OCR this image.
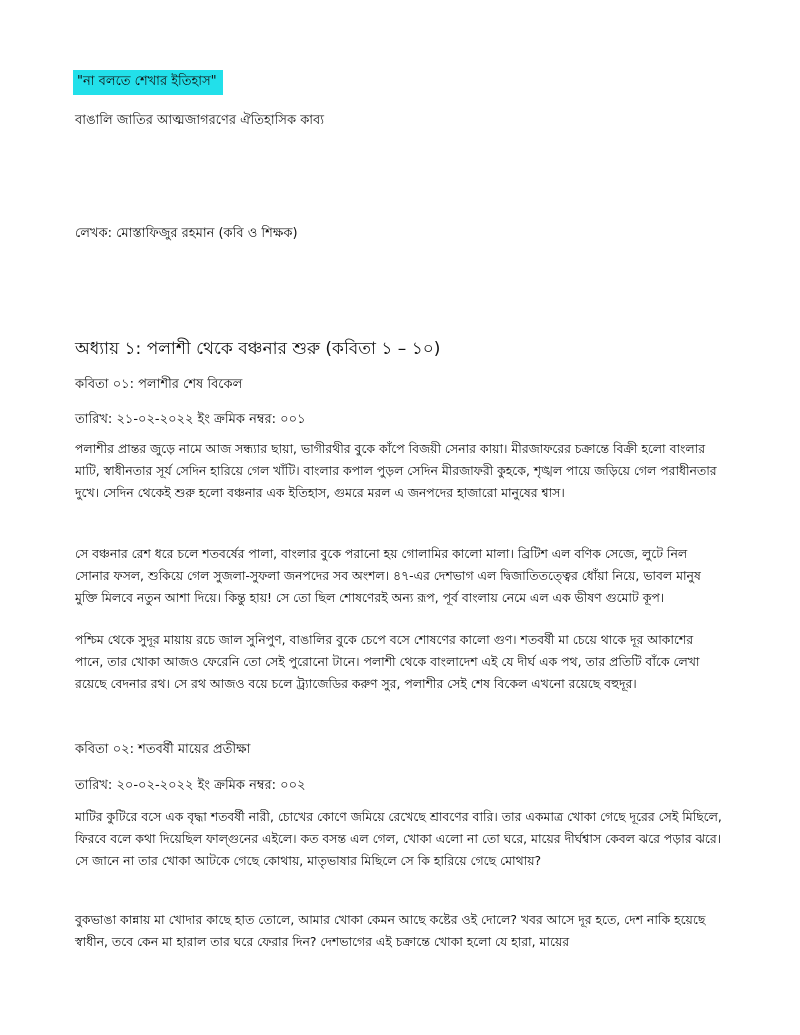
"না বলতে শেখার ইতিহাস"
বাঙালি জাতির আত্মজাগরণের ঐতিহাসিক কাব্য
লেখক: মোস্তাফিজুর রহমান (কবি ও শিক্ষক)
অধ্যায় ১: পলাশী থেকে বঞ্চনার শুরু (কবিতা ১ – ১০)
কবিতা ০১: পলাশীর শেষ বিকেল
তারিখ: ২১-০২-২০২২ ইং ক্রমিক নম্বর: ০০১

পলাশীর প্রান্তর জুড়ে নামে আজ সন্ধ্যার ছায়া, ভাগীরথীর বুকে কাঁপে বিজয়ী সেনার কায়া। মীরজাফরের চক্রান্তে বিক্রী হলো বাংলার মাটি, স্বাধীনতার সূর্য সেদিন হারিয়ে গেল খাঁটি। বাংলার কপাল পুড়ল সেদিন মীরজাফরী কুহকে, শৃঙ্খল পায়ে জড়িয়ে গেল পরাধীনতার দুখে। সেদিন থেকেই শুরু হলো বঞ্চনার এক ইতিহাস, গুমরে মরল এ জনপদের হাজারো মানুষের শ্বাস।

সে বঞ্চনার রেশ ধরে চলে শতবর্ষের পালা, বাংলার বুকে পরানো হয় গোলামির কালো মালা। ব্রিটিশ এল বণিক সেজে, লুটে নিল সোনার ফসল, শুকিয়ে গেল সুজলা-সুফলা জনপদের সব অংশল। ৪৭-এর দেশভাগ এল দ্বিজাতিতত্ত্বের ধোঁয়া নিয়ে, ভাবল মানুষ মুক্তি মিলবে নতুন আশা দিয়ে। কিন্তু হায়! সে তো ছিল শোষণেরই অন্য রূপ, পূর্ব বাংলায় নেমে এল এক ভীষণ গুমোট কূপ।

পশ্চিম থেকে সুদূর মায়ায় রচে জাল সুনিপুণ, বাঙালির বুকে চেপে বসে শোষণের কালো গুণ। শতবর্ষী মা চেয়ে থাকে দূর আকাশের পানে, তার খোকা আজও ফেরেনি তো সেই পুরোনো টানে। পলাশী থেকে বাংলাদেশ এই যে দীর্ঘ এক পথ, তার প্রতিটি বাঁকে লেখা রয়েছে বেদনার রথ। সে রথ আজও বয়ে চলে ট্র্যাজেডির করুণ সুর, পলাশীর সেই শেষ বিকেল এখনো রয়েছে বহুদূর।

কবিতা ০২: শতবর্ষী মায়ের প্রতীক্ষা
তারিখ: ২০-০২-২০২২ ইং ক্রমিক নম্বর: ০০২

মাটির কুটিরে বসে এক বৃদ্ধা শতবর্ষী নারী, চোখের কোণে জমিয়ে রেখেছে শ্রাবণের বারি। তার একমাত্র খোকা গেছে দূরের সেই মিছিলে, ফিরবে বলে কথা দিয়েছিল ফাল্গুনের এইলে। কত বসন্ত এল গেল, খোকা এলো না তো ঘরে, মায়ের দীর্ঘশ্বাস কেবল ঝরে পড়ার ঝরে। সে জানে না তার খোকা আটকে গেছে কোথায়, মাতৃভাষার মিছিলে সে কি হারিয়ে গেছে মোথায়?

বুকভাঙা কান্নায় মা খোদার কাছে হাত তোলে, আমার খোকা কেমন আছে কষ্টের ওই দোলে? খবর আসে দূর হতে, দেশ নাকি হয়েছে স্বাধীন, তবে কেন মা হারাল তার ঘরে ফেরার দিন? দেশভাগের এই চক্রান্তে খোকা হলো যে হারা, মায়ের
